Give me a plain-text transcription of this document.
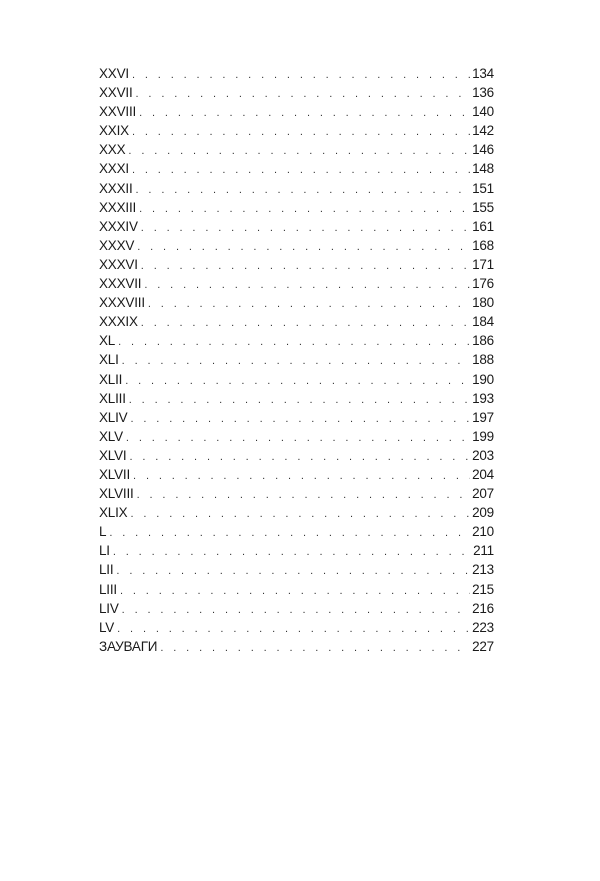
XXVI . . .	134
XXVII . . .	136
XXVIII . . .	140
XXIX . . .	142
XXX . . .	146
XXXI . . .	148
XXXII . . .	151
XXXIII . . .	155
XXXIV . . .	161
XXXV . . .	168
XXXVI . . .	171
XXXVII . . .	176
XXXVIII . . .	180
XXXIX . . .	184
XL . . .	186
XLI . . .	188
XLII . . .	190
XLIII . . .	193
XLIV . . .	197
XLV . . .	199
XLVI . . .	203
XLVII . . .	204
XLVIII . . .	207
XLIX . . .	209
L . . .	210
LI . . .	211
LII . . .	213
LIII . . .	215
LIV . . .	216
LV . . .	223
ЗАУВАГИ . . .	227
